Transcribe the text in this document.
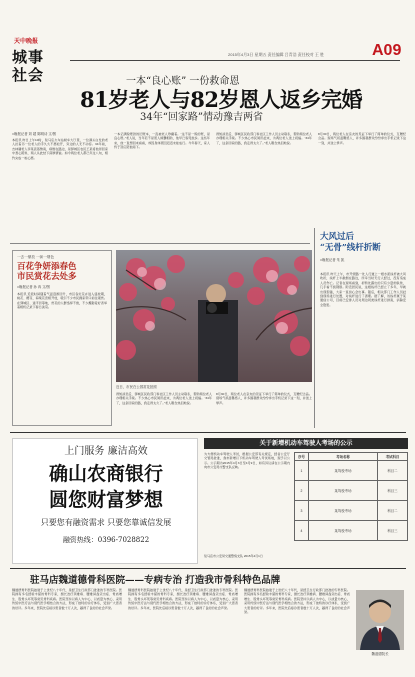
天中晚报
城事
社会
2015年4月3日 星期五 责任编辑 吕青浩 责任校对 王 胜	A09
一本“良心账” 一份救命恩
81岁老人与82岁恩人返乡完婚
34年“回家路”情动豫吉两省
□晚报记者 刘 超 陈明诗 文/图
本报讯 昨日上午10时，驻马店火车站候车大厅里，一位满头白发的老人拉着另一位老人的手久久不愿松开，旁边的人无不动容。34年前，吉林籍老人李某流落豫南，病倒在路边，是驿城区农民王某将他背回家中悉心照料，两人从此结下深厚情谊。如今两位老人都已年过八旬，相约完成一桩心愿。
一本记满赊账款的旧账本，一直被老人珍藏着。“这不是一般的账，是良心账。”老人说，当年若不是恩人倾囊相助，他早已客死他乡。这些年来，他一直想回来看看，却因身体原因迟迟未能成行。今年春天，家人终于答应陪他南下。
得知消息后，驿城区民政部门和社区工作人员主动联系，帮助两位老人办理相关手续。不少热心市民闻讯赶来，为两位老人送上祝福。“34年了，这条回家的路，我走得太久了。”老人眼含热泪地说。
8月30日，两位老人在亲友的见证下举行了简单的仪式，互赠纪念品。现场气氛温馨感人，许多围观群众纷纷拿出手机记录下这一刻，并送上掌声。
大风过后
“无骨”线杆折断
□晚报记者 朱 凯
本报讯 昨天上午，市开源路一处人行道上一根水泥线杆被大风吹折，线杆上半截倒在路边，所幸当时无行人经过，没有造成人员伤亡。记者在现场看到，折断处露出的只有少量细铁丝，几乎看不到钢筋。附近居民说，这根线杆已经立了多年，早就出现裂缝，大家一直担心会出事。随后，相关部门工作人员赶到现场进行处置，对线杆进行了清理。据了解，该线杆属于某通信公司，目前已安排人员对周边同类线杆进行排查，消除安全隐患。
一去一鼎放 一演一烟色
百花争妍添春色
市民赏花去处多
□晚报记者 孙 冉 文/图
本报讯 近段时间随着气温逐渐回升，市区各处花卉进入盛放期，桃花、樱花、海棠花竞相开放，吸引不少市民携家带口前往观赏。在驿城区、遂平县等地，赏花的人群络绎不绝，不少摄影爱好者举着相机记录下春日美景。
近日，市民在公园赏花拍照
得知消息后，驿城区民政部门和社区工作人员主动联系，帮助两位老人办理相关手续。不少热心市民闻讯赶来，为两位老人送上祝福。“34年了，这条回家的路，我走得太久了。”老人眼含热泪地说。
8月30日，两位老人在亲友的见证下举行了简单的仪式，互赠纪念品。现场气氛温馨感人，许多围观群众纷纷拿出手机记录下这一刻，并送上掌声。
上门服务 廉洁高效
确山农商银行
圆您财富梦想
只要您有融资需求 只要您靠诚信发展
融资热线：0396-7028822
关于新增机动车驾驶人考场的公示
为方便机动车驾驶人考试，根据公安部有关规定，经省公安厅交管局批准，我市新增以下机动车驾驶人考试场地，现予以公示。公示期为2015年4月3日至4月9日，如有异议请在公示期内向市公安局交警支队反映。
序号	考场名称	考试科目
1	某驾校考场	科目二
2	某驾校考场	科目三
3	某驾校考场	科目二
4	某驾校考场	科目三
驻马店市公安局交通警察支队 2015年4月1日
驻马店魏道德骨科医院——专病专治 打造我市骨科特色品牌
魏道德骨科医院始建于上世纪八十年代，是经卫生行政部门批准的专科医院。医院拥有多名经验丰富的骨科专家，擅长治疗颈椎病、腰椎间盘突出症、骨质增生、股骨头坏死等常见骨科疾病。医院坚持以病人为中心，以质量为核心，采用传统中医疗法与现代医学相结合的方法，形成了独特的诊疗体系，受到广大患者的好评。多年来，医院先后接诊患者数十万人次，赢得了良好的社会声誉。
魏道德骨科医院始建于上世纪八十年代，是经卫生行政部门批准的专科医院。医院拥有多名经验丰富的骨科专家，擅长治疗颈椎病、腰椎间盘突出症、骨质增生、股骨头坏死等常见骨科疾病。医院坚持以病人为中心，以质量为核心，采用传统中医疗法与现代医学相结合的方法，形成了独特的诊疗体系，受到广大患者的好评。多年来，医院先后接诊患者数十万人次，赢得了良好的社会声誉。
魏道德骨科医院始建于上世纪八十年代，是经卫生行政部门批准的专科医院。医院拥有多名经验丰富的骨科专家，擅长治疗颈椎病、腰椎间盘突出症、骨质增生、股骨头坏死等常见骨科疾病。医院坚持以病人为中心，以质量为核心，采用传统中医疗法与现代医学相结合的方法，形成了独特的诊疗体系，受到广大患者的好评。多年来，医院先后接诊患者数十万人次，赢得了良好的社会声誉。
魏道德院长
